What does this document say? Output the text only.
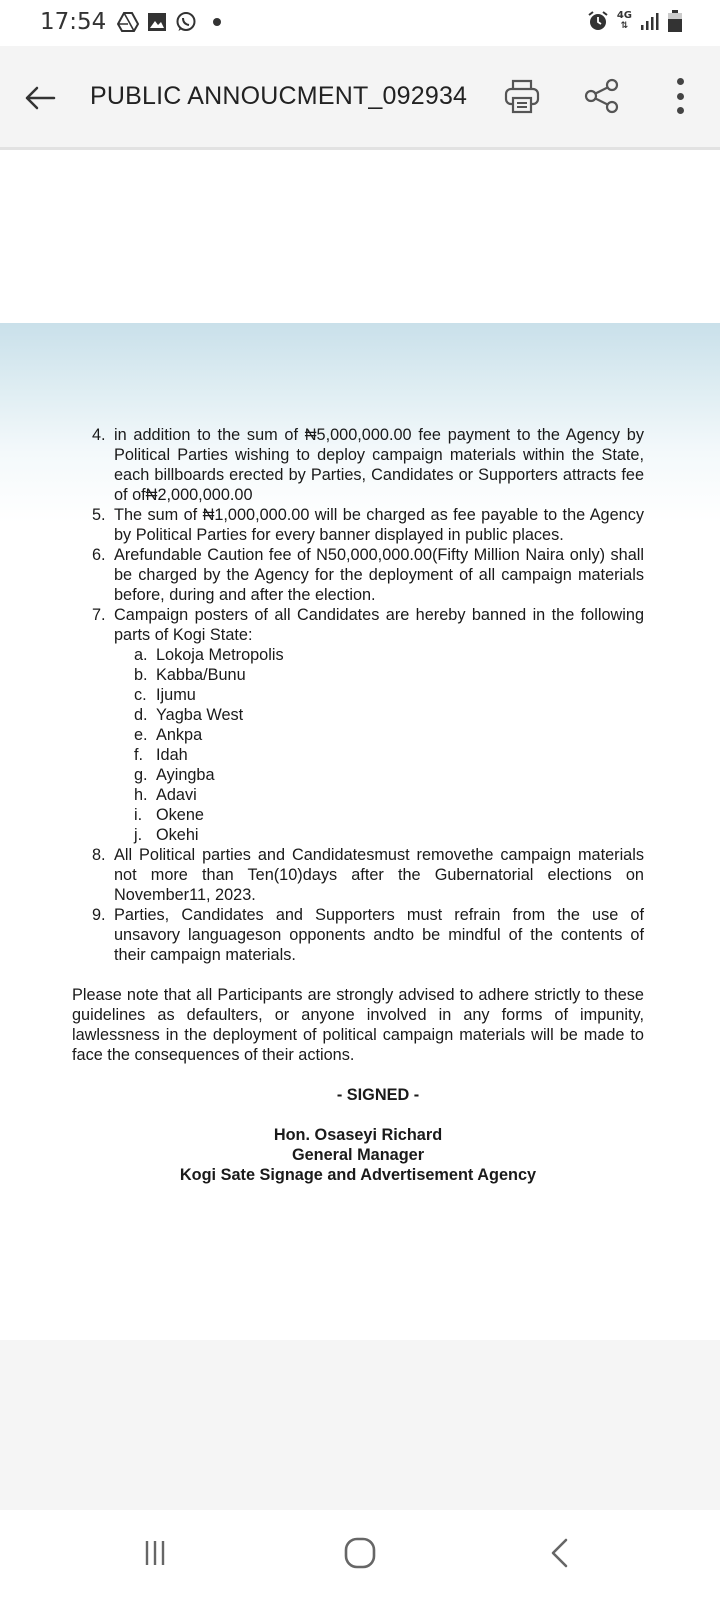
17:54	4G
⇅
PUBLIC ANNOUCMENT_092934
4. in addition to the sum of ₦5,000,000.00 fee payment to the Agency by Political Parties wishing to deploy campaign materials within the State, each billboards erected by Parties, Candidates or Supporters attracts fee of of₦2,000,000.00
5. The sum of ₦1,000,000.00 will be charged as fee payable to the Agency by Political Parties for every banner displayed in public places.
6. Arefundable Caution fee of N50,000,000.00(Fifty Million Naira only) shall be charged by the Agency for the deployment of all campaign materials before, during and after the election.
7. Campaign posters of all Candidates are hereby banned in the following parts of Kogi State:
a. Lokoja Metropolis
b. Kabba/Bunu
c. Ijumu
d. Yagba West
e. Ankpa
f. Idah
g. Ayingba
h. Adavi
i. Okene
j. Okehi
8. All Political parties and Candidatesmust removethe campaign materials not more than Ten(10)days after the Gubernatorial elections on November11, 2023.
9. Parties, Candidates and Supporters must refrain from the use of unsavory languageson opponents andto be mindful of the contents of their campaign materials.

Please note that all Participants are strongly advised to adhere strictly to these guidelines as defaulters, or anyone involved in any forms of impunity, lawlessness in the deployment of political campaign materials will be made to face the consequences of their actions.

- SIGNED -

Hon. Osaseyi Richard
General Manager
Kogi Sate Signage and Advertisement Agency
